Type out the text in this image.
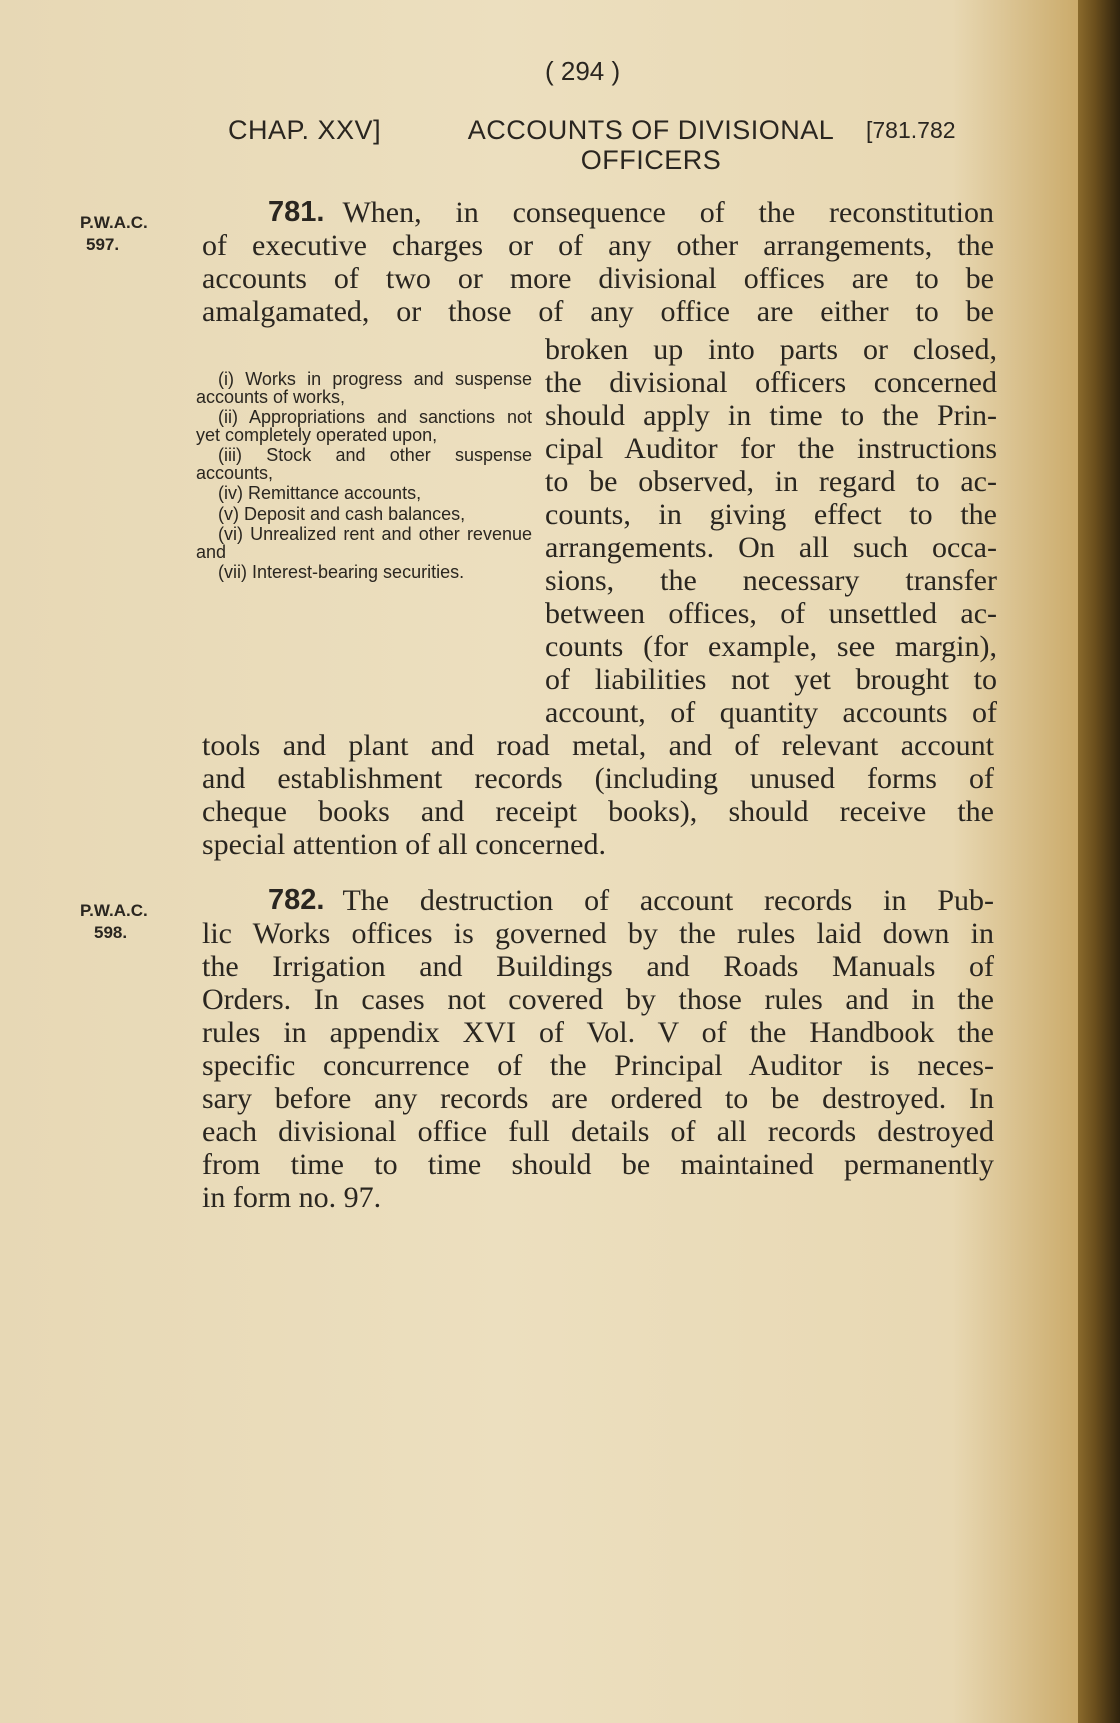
( 294 )
CHAP. XXV]	ACCOUNTS OF DIVISIONAL OFFICERS
[781.782
P.W.A.C.
597.
781. When, in consequence of the reconstitution
of executive charges or of any other arrangements, the
accounts of two or more divisional offices are to be
amalgamated, or those of any office are either to be
(i) Works in progress and suspense accounts of works,
(ii) Appropriations and sanctions not yet completely operated upon,
(iii) Stock and other suspense accounts,
(iv) Remittance accounts,
(v) Deposit and cash balances,
(vi) Unrealized rent and other revenue and
(vii) Interest-bearing securities.
broken up into parts or closed,
the divisional officers concerned
should apply in time to the Prin-
cipal Auditor for the instructions
to be observed, in regard to ac-
counts, in giving effect to the
arrangements. On all such occa-
sions, the necessary transfer
between offices, of unsettled ac-
counts (for example, see margin),
of liabilities not yet brought to
account, of quantity accounts of
tools and plant and road metal, and of relevant account
and establishment records (including unused forms of
cheque books and receipt books), should receive the
special attention of all concerned.
P.W.A.C.
598.
782. The destruction of account records in Pub-
lic Works offices is governed by the rules laid down in
the Irrigation and Buildings and Roads Manuals of
Orders. In cases not covered by those rules and in the
rules in appendix XVI of Vol. V of the Handbook the
specific concurrence of the Principal Auditor is neces-
sary before any records are ordered to be destroyed. In
each divisional office full details of all records destroyed
from time to time should be maintained permanently
in form no. 97.
